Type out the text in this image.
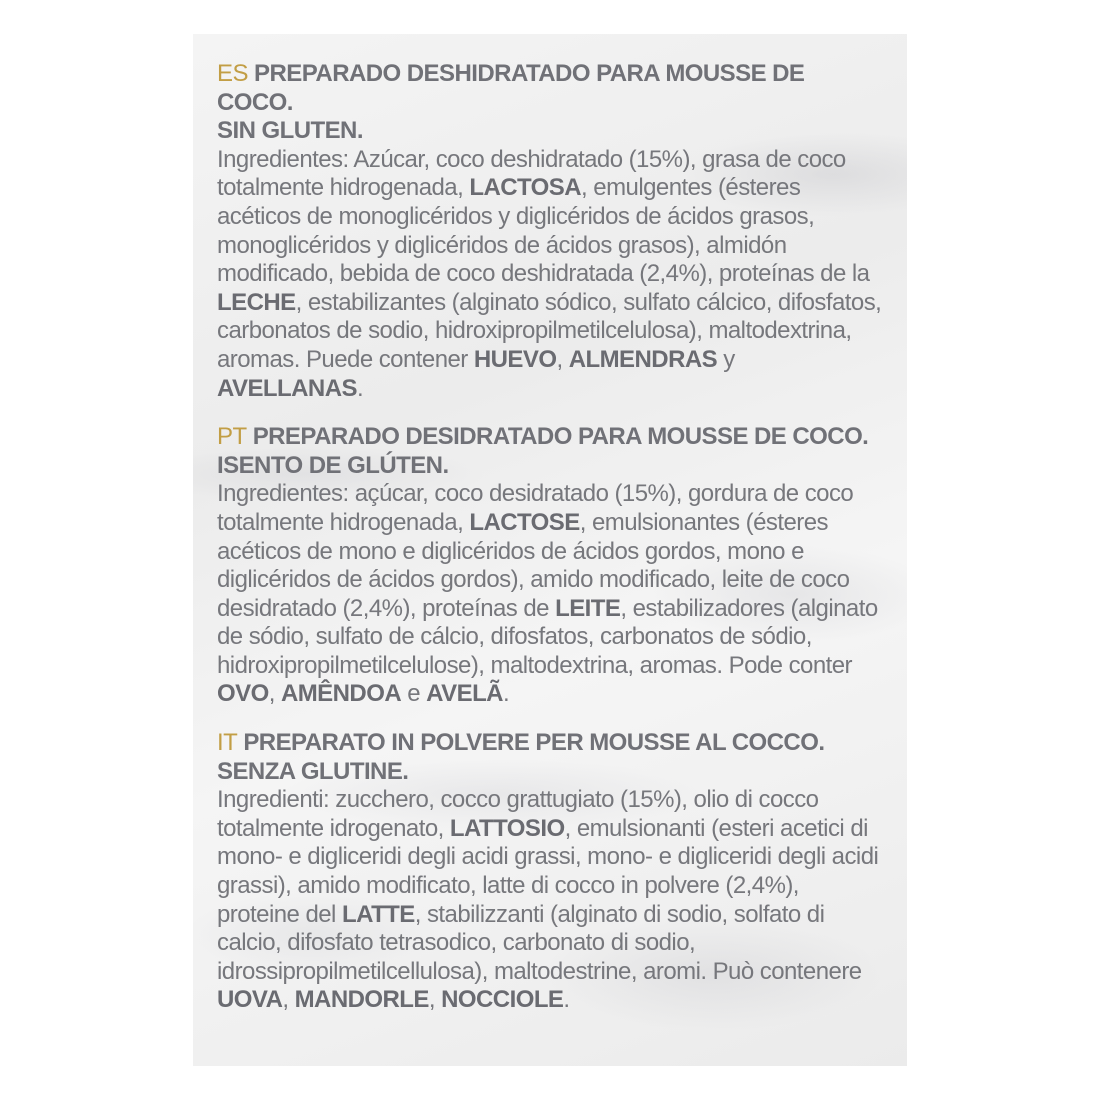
ES PREPARADO DESHIDRATADO PARA MOUSSE DE COCO.
SIN GLUTEN.
Ingredientes: Azúcar, coco deshidratado (15%), grasa de coco totalmente hidrogenada, LACTOSA, emulgentes (ésteres acéticos de monoglicéridos y diglicéridos de ácidos grasos, monoglicéridos y diglicéridos de ácidos grasos), almidón modificado, bebida de coco deshidratada (2,4%), proteínas de la LECHE, estabilizantes (alginato sódico, sulfato cálcico, difosfatos, carbonatos de sodio, hidroxipropilmetilcelulosa), maltodextrina, aromas. Puede contener HUEVO, ALMENDRAS y AVELLANAS.
PT PREPARADO DESIDRATADO PARA MOUSSE DE COCO.
ISENTO DE GLÚTEN.
Ingredientes: açúcar, coco desidratado (15%), gordura de coco totalmente hidrogenada, LACTOSE, emulsionantes (ésteres acéticos de mono e diglicéridos de ácidos gordos, mono e diglicéridos de ácidos gordos), amido modificado, leite de coco desidratado (2,4%), proteínas de LEITE, estabilizadores (alginato de sódio, sulfato de cálcio, difosfatos, carbonatos de sódio, hidroxipropilmetilcelulose), maltodextrina, aromas. Pode conter OVO, AMÊNDOA e AVELÃ.
IT PREPARATO IN POLVERE PER MOUSSE AL COCCO.
SENZA GLUTINE.
Ingredienti: zucchero, cocco grattugiato (15%), olio di cocco totalmente idrogenato, LATTOSIO, emulsionanti (esteri acetici di mono- e digliceridi degli acidi grassi, mono- e digliceridi degli acidi grassi), amido modificato, latte di cocco in polvere (2,4%), proteine del LATTE, stabilizzanti (alginato di sodio, solfato di calcio, difosfato tetrasodico, carbonato di sodio, idrossipropilmetilcellulosa), maltodestrine, aromi. Può contenere UOVA, MANDORLE, NOCCIOLE.
